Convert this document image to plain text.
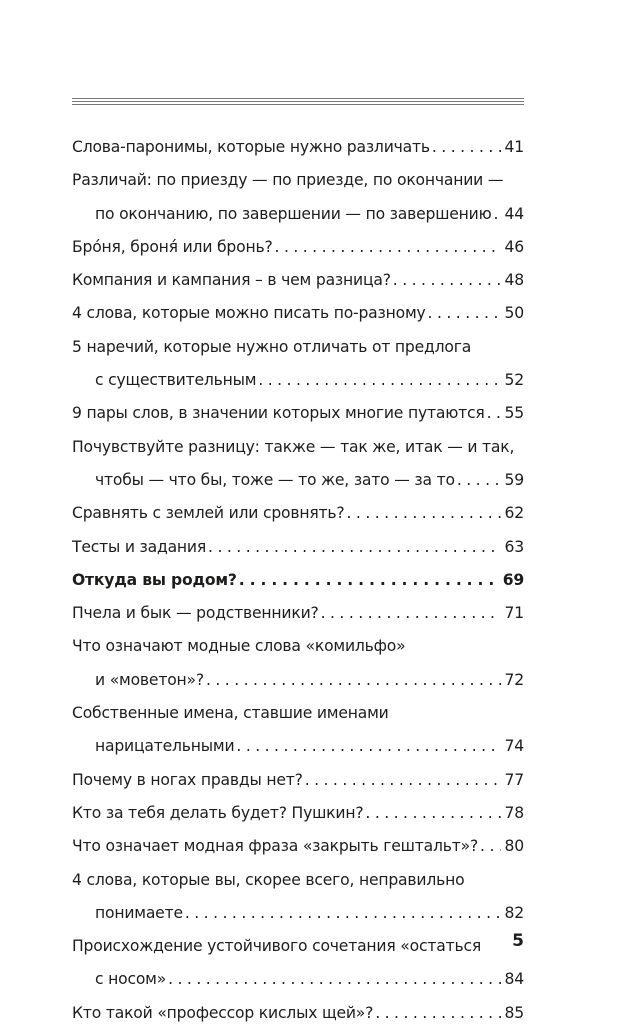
Слова-паронимы, которые нужно различать . . .	41
Различай: по приезду — по приезде, по окончании —
по окончанию, по завершении — по завершению . . . 44
Бро́ня, броня́ или бронь? . . .	46
Компания и кампания – в чем разница? . . .	48
4 слова, которые можно писать по-разному . . .	50
5 наречий, которые нужно отличать от предлога
с существительным . . .	52
9 пары слов, в значении которых многие путаются . . . 55
Почувствуйте разницу: также — так же, итак — и так,
чтобы — что бы, тоже — то же, зато — за то . . .	59
Сравнять с землей или сровнять? . . .	62
Тесты и задания . . .	63
Откуда вы родом? . . .	69
Пчела и бык — родственники? . . .	71
Что означают модные слова «комильфо»
и «моветон»? . . .	72
Собственные имена, ставшие именами
нарицательными . . .	74
Почему в ногах правды нет? . . .	77
Кто за тебя делать будет? Пушкин? . . .	78
Что означает модная фраза «закрыть гештальт»? . . . 80
4 слова, которые вы, скорее всего, неправильно
понимаете . . .	82
Происхождение устойчивого сочетания «остаться
с носом» . . .	84
Кто такой «профессор кислых щей»? . . .	85
5
